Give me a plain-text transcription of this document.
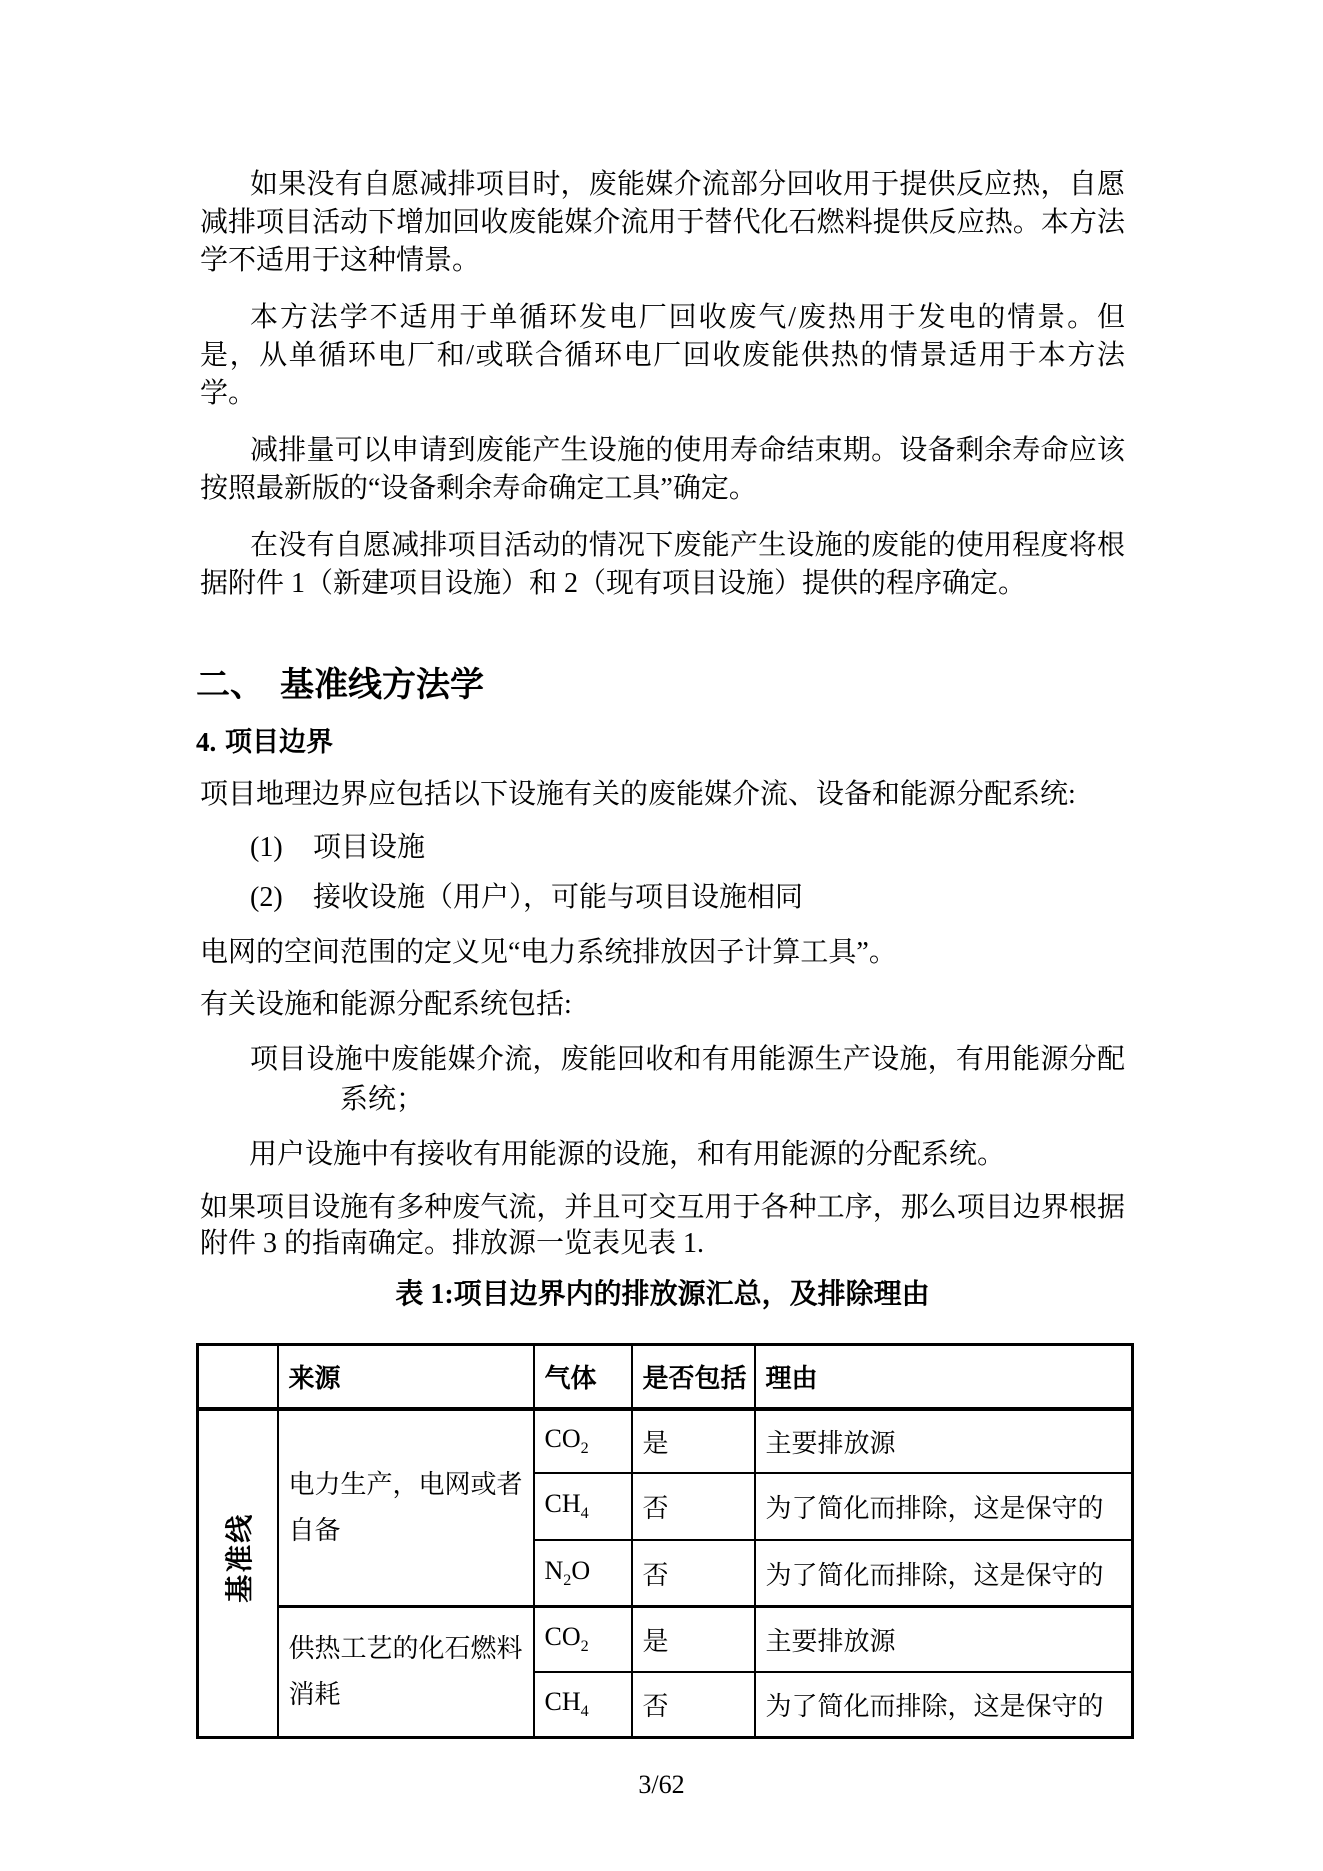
如果没有自愿减排项目时，废能媒介流部分回收用于提供反应热，自愿减排项目活动下增加回收废能媒介流用于替代化石燃料提供反应热。本方法学不适用于这种情景。

本方法学不适用于单循环发电厂回收废气/废热用于发电的情景。但是，从单循环电厂和/或联合循环电厂回收废能供热的情景适用于本方法学。

减排量可以申请到废能产生设施的使用寿命结束期。设备剩余寿命应该按照最新版的“设备剩余寿命确定工具”确定。

在没有自愿减排项目活动的情况下废能产生设施的废能的使用程度将根据附件 1（新建项目设施）和 2（现有项目设施）提供的程序确定。

二、 基准线方法学
4. 项目边界

项目地理边界应包括以下设施有关的废能媒介流、设备和能源分配系统:

(1) 项目设施

(2) 接收设施（用户），可能与项目设施相同

电网的空间范围的定义见“电力系统排放因子计算工具”。

有关设施和能源分配系统包括:

项目设施中废能媒介流，废能回收和有用能源生产设施，有用能源分配系统；

用户设施中有接收有用能源的设施，和有用能源的分配系统。

如果项目设施有多种废气流，并且可交互用于各种工序，那么项目边界根据附件 3 的指南确定。排放源一览表见表 1.

表 1:项目边界内的排放源汇总，及排除理由

	来源	气体	是否包括	理由

基准线	电力生产，电网或者自备	$CO_2$	是	主要排放源
		$CH_4$	否	为了简化而排除，这是保守的
		$N_2O$	否	为了简化而排除，这是保守的
	供热工艺的化石燃料消耗	$CO_2$	是	主要排放源
		$CH_4$	否	为了简化而排除，这是保守的
3/62
